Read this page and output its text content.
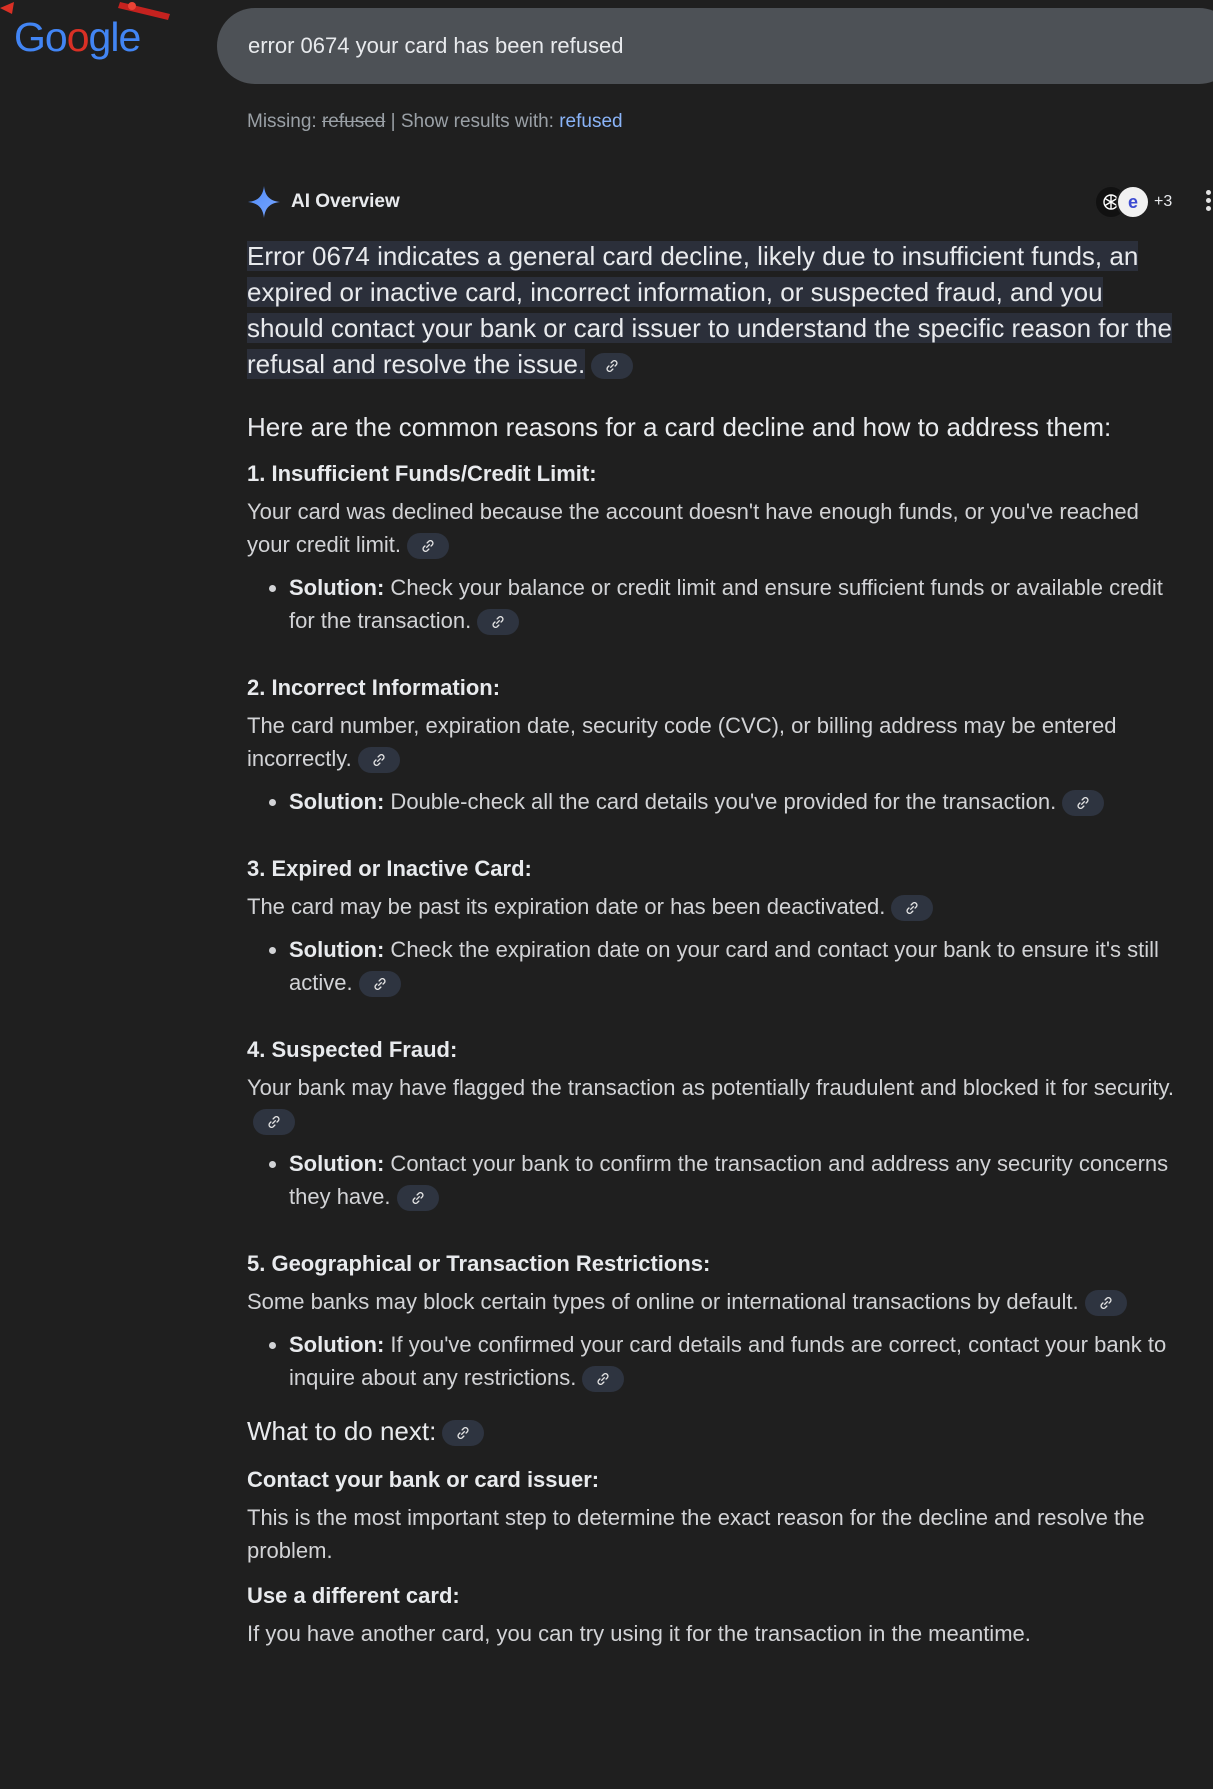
Google	error 0674 your card has been refused
Missing: refused | Show results with: refused
AI Overview	e	+3

Error 0674 indicates a general card decline, likely due to insufficient funds, an expired or inactive card, incorrect information, or suspected fraud, and you should contact your bank or card issuer to understand the specific reason for the refusal and resolve the issue.

Here are the common reasons for a card decline and how to address them:
1. Insufficient Funds/Credit Limit:

Your card was declined because the account doesn't have enough funds, or you've reached your credit limit.

• Solution: Check your balance or credit limit and ensure sufficient funds or available credit for the transaction.
2. Incorrect Information:

The card number, expiration date, security code (CVC), or billing address may be entered incorrectly.

• Solution: Double-check all the card details you've provided for the transaction.
3. Expired or Inactive Card:

The card may be past its expiration date or has been deactivated.

• Solution: Check the expiration date on your card and contact your bank to ensure it's still active.
4. Suspected Fraud:

Your bank may have flagged the transaction as potentially fraudulent and blocked it for security.

• Solution: Contact your bank to confirm the transaction and address any security concerns they have.
5. Geographical or Transaction Restrictions:

Some banks may block certain types of online or international transactions by default.

• Solution: If you've confirmed your card details and funds are correct, contact your bank to inquire about any restrictions.
What to do next:
Contact your bank or card issuer:

This is the most important step to determine the exact reason for the decline and resolve the problem.

Use a different card:

If you have another card, you can try using it for the transaction in the meantime.
